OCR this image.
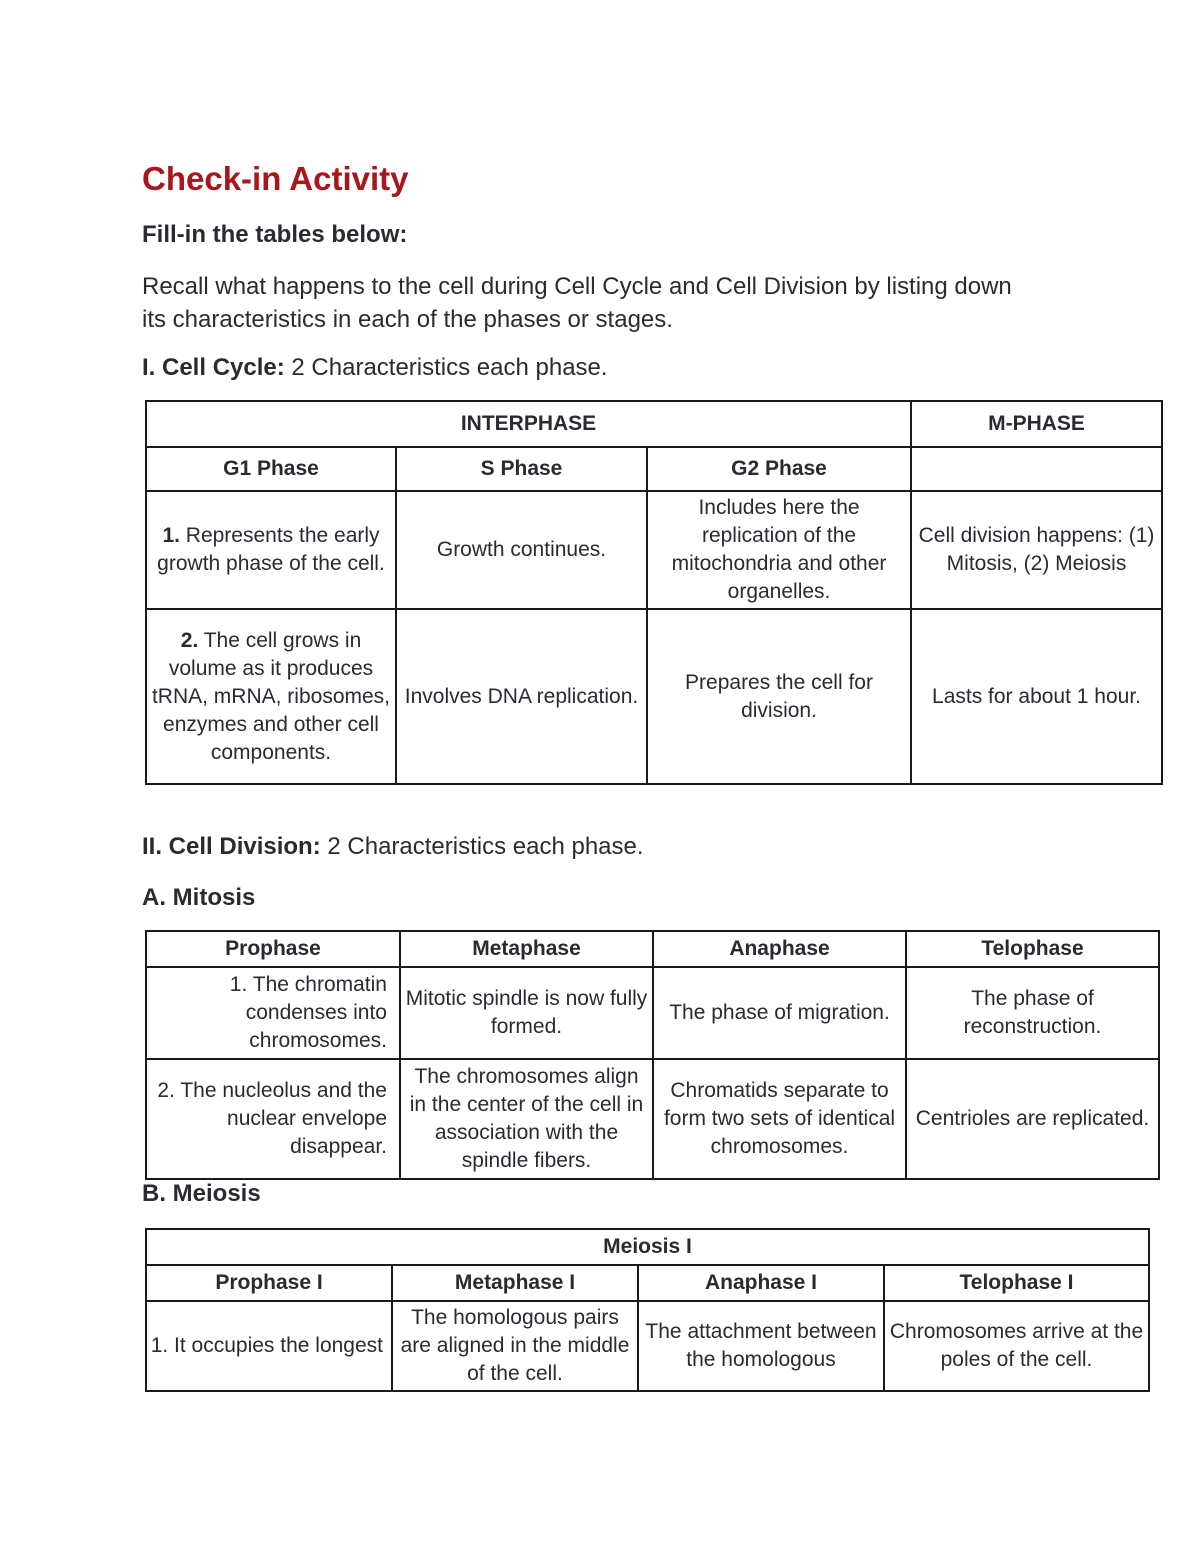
Check-in Activity
Fill-in the tables below:

Recall what happens to the cell during Cell Cycle and Cell Division by listing down its characteristics in each of the phases or stages.

I. Cell Cycle: 2 Characteristics each phase.

INTERPHASE			M-PHASE
G1 Phase	S Phase	G2 Phase	
1. Represents the early growth phase of the cell.	Growth continues.	Includes here the replication of the mitochondria and other organelles.	Cell division happens: (1) Mitosis, (2) Meiosis
2. The cell grows in volume as it produces tRNA, mRNA, ribosomes, enzymes and other cell components.	Involves DNA replication.	Prepares the cell for division.	Lasts for about 1 hour.

II. Cell Division: 2 Characteristics each phase.

A. Mitosis

Prophase	Metaphase	Anaphase	Telophase
1. The chromatin condenses into chromosomes.	Mitotic spindle is now fully formed.	The phase of migration.	The phase of reconstruction.
2. The nucleolus and the nuclear envelope disappear.	The chromosomes align in the center of the cell in association with the spindle fibers.	Chromatids separate to form two sets of identical chromosomes.	Centrioles are replicated.

B. Meiosis

Meiosis I			
Prophase I	Metaphase I	Anaphase I	Telophase I
1. It occupies the longest	The homologous pairs are aligned in the middle of the cell.	The attachment between the homologous	Chromosomes arrive at the poles of the cell.
